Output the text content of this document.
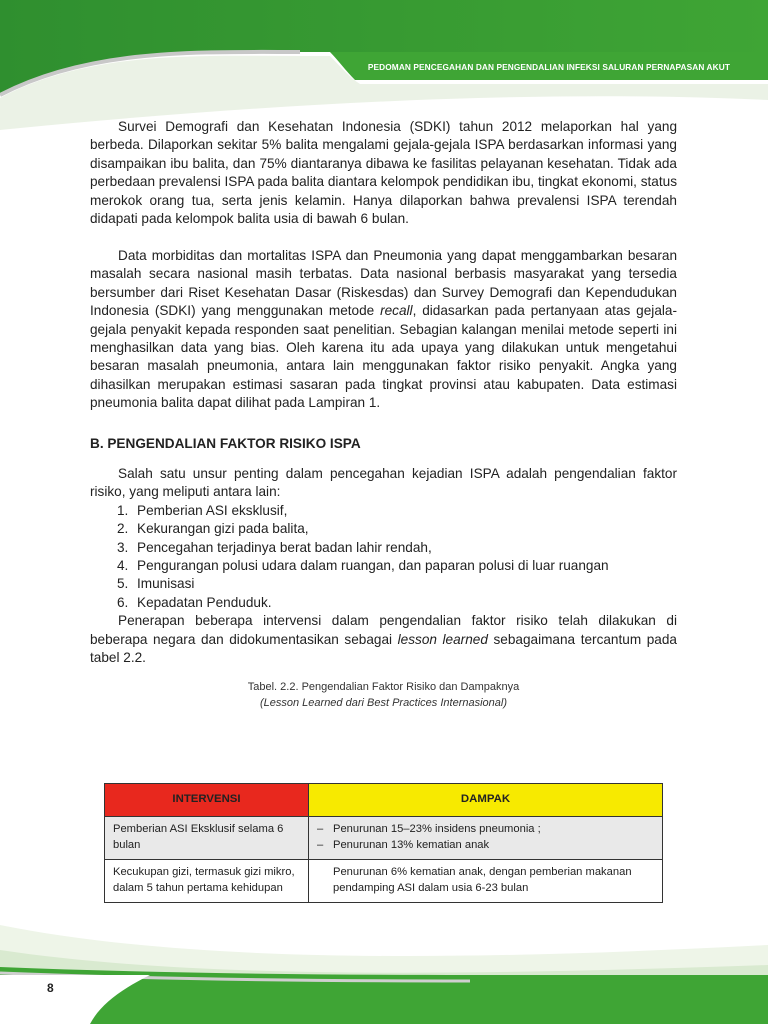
PEDOMAN PENCEGAHAN DAN PENGENDALIAN INFEKSI SALURAN PERNAPASAN AKUT

Survei Demografi dan Kesehatan Indonesia (SDKI) tahun 2012 melaporkan hal yang berbeda. Dilaporkan sekitar 5% balita mengalami gejala-gejala ISPA berdasarkan informasi yang disampaikan ibu balita, dan 75% diantaranya dibawa ke fasilitas pelayanan kesehatan. Tidak ada perbedaan prevalensi ISPA pada balita diantara kelompok pendidikan ibu, tingkat ekonomi, status merokok orang tua, serta jenis kelamin. Hanya dilaporkan bahwa prevalensi ISPA terendah didapati pada kelompok balita usia di bawah 6 bulan.

Data morbiditas dan mortalitas ISPA dan Pneumonia yang dapat menggambarkan besaran masalah secara nasional masih terbatas. Data nasional berbasis masyarakat yang tersedia bersumber dari Riset Kesehatan Dasar (Riskesdas) dan Survey Demografi dan Kependudukan Indonesia (SDKI) yang menggunakan metode recall, didasarkan pada pertanyaan atas gejala-gejala penyakit kepada responden saat penelitian. Sebagian kalangan menilai metode seperti ini menghasilkan data yang bias. Oleh karena itu ada upaya yang dilakukan untuk mengetahui besaran masalah pneumonia, antara lain menggunakan faktor risiko penyakit. Angka yang dihasilkan merupakan estimasi sasaran pada tingkat provinsi atau kabupaten. Data estimasi pneumonia balita dapat dilihat pada Lampiran 1.

B. PENGENDALIAN FAKTOR RISIKO ISPA

Salah satu unsur penting dalam pencegahan kejadian ISPA adalah pengendalian faktor risiko, yang meliputi antara lain:

1. Pemberian ASI eksklusif,
2. Kekurangan gizi pada balita,
3. Pencegahan terjadinya berat badan lahir rendah,
4. Pengurangan polusi udara dalam ruangan, dan paparan polusi di luar ruangan
5. Imunisasi
6. Kepadatan Penduduk.

Penerapan beberapa intervensi dalam pengendalian faktor risiko telah dilakukan di beberapa negara dan didokumentasikan sebagai lesson learned sebagaimana tercantum pada tabel 2.2.

Tabel. 2.2. Pengendalian Faktor Risiko dan Dampaknya
(Lesson Learned dari Best Practices Internasional)
INTERVENSI	DAMPAK
Pemberian ASI Eksklusif selama 6 bulan	– Penurunan 15–23% insidens pneumonia ;
– Penurunan 13% kematian anak

Kecukupan gizi, termasuk gizi mikro, dalam 5 tahun pertama kehidupan	Penurunan 6% kematian anak, dengan pemberian makanan pendamping ASI dalam usia 6-23 bulan
8
